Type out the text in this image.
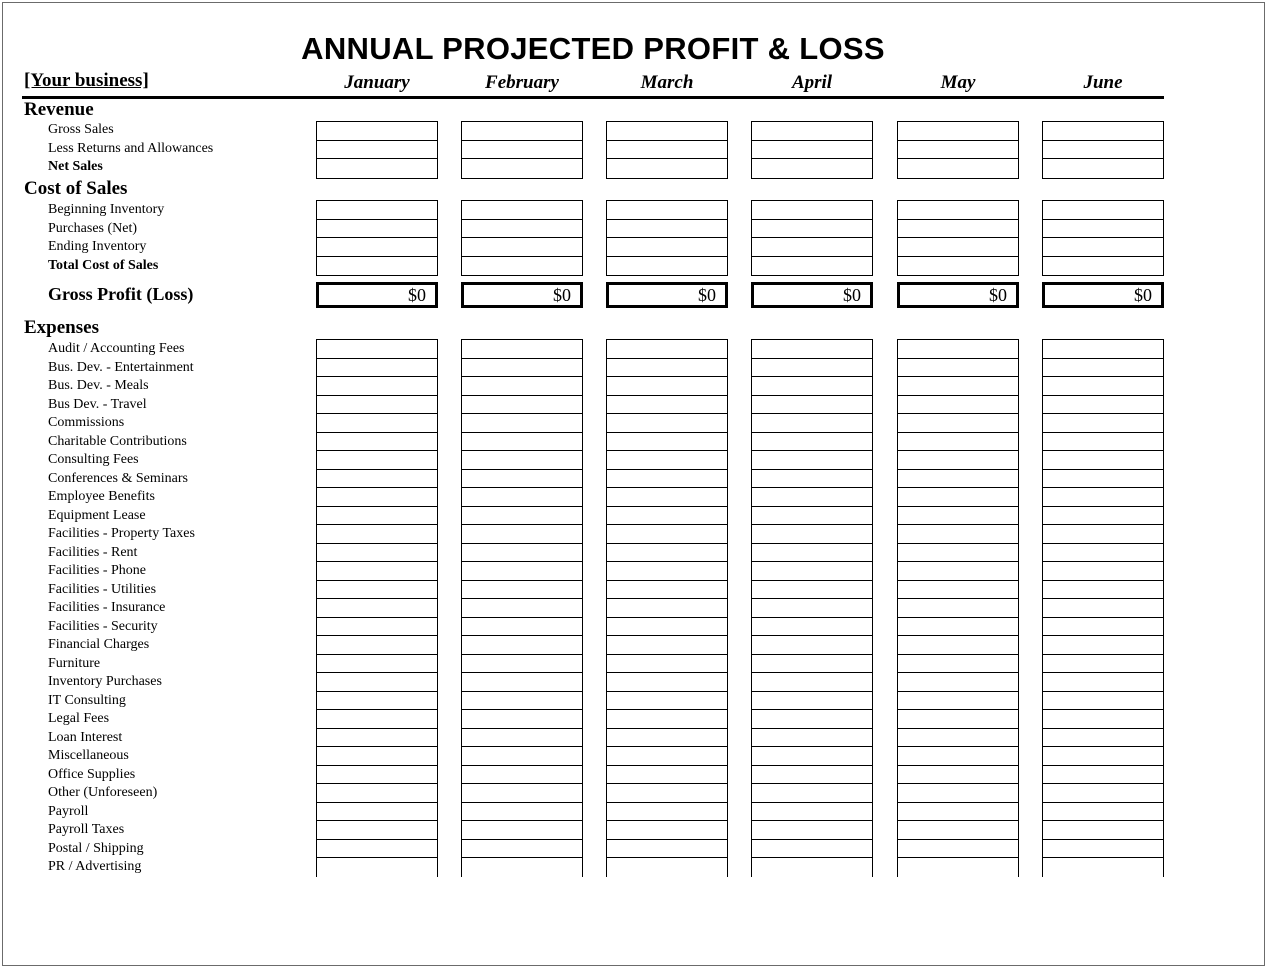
ANNUAL PROJECTED PROFIT & LOSS
[Your business]	January	February	March	April	May	June
Revenue
Gross Sales
Less Returns and Allowances
Net Sales
Cost of Sales
Beginning Inventory
Purchases (Net)
Ending Inventory
Total Cost of Sales
Gross Profit (Loss)	$0	$0	$0	$0	$0	$0
Expenses
Audit / Accounting Fees
Bus. Dev. - Entertainment
Bus. Dev. - Meals
Bus Dev. - Travel
Commissions
Charitable Contributions
Consulting Fees
Conferences & Seminars
Employee Benefits
Equipment Lease
Facilities - Property Taxes
Facilities - Rent
Facilities - Phone
Facilities - Utilities
Facilities - Insurance
Facilities - Security
Financial Charges
Furniture
Inventory Purchases
IT Consulting
Legal Fees
Loan Interest
Miscellaneous
Office Supplies
Other (Unforeseen)
Payroll
Payroll Taxes
Postal / Shipping
PR / Advertising
